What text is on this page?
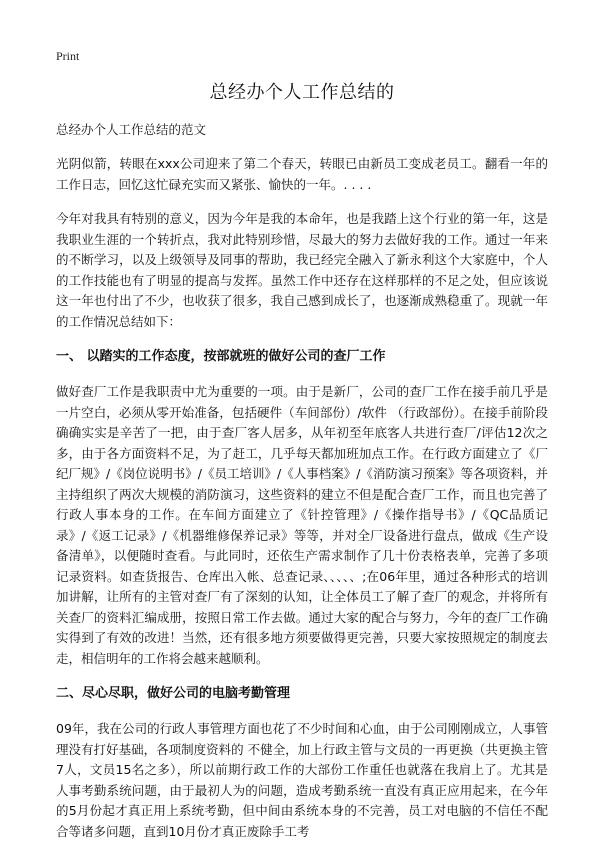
Print
总经办个人工作总结的
总经办个人工作总结的范文

光阴似箭，转眼在xxx公司迎来了第二个春天，转眼已由新员工变成老员工。翻看一年的工作日志，回忆这忙碌充实而又紧张、愉快的一年。. . . .

今年对我具有特别的意义，因为今年是我的本命年，也是我踏上这个行业的第一年，这是我职业生涯的一个转折点，我对此特别珍惜，尽最大的努力去做好我的工作。通过一年来的不断学习，以及上级领导及同事的帮助，我已经完全融入了新永利这个大家庭中，个人的工作技能也有了明显的提高与发挥。虽然工作中还存在这样那样的不足之处，但应该说这一年也付出了不少，也收获了很多，我自己感到成长了，也逐渐成熟稳重了。现就一年的工作情况总结如下：

一、 以踏实的工作态度，按部就班的做好公司的查厂工作

做好查厂工作是我职责中尤为重要的一项。由于是新厂，公司的查厂工作在接手前几乎是一片空白，必须从零开始准备，包括硬件（车间部份）/软件 （行政部份）。在接手前阶段确确实实是辛苦了一把，由于查厂客人居多，从年初至年底客人共进行查厂/评估12次之多，由于各方面资料不足，为了赶工，几乎每天都加班加点工作。在行政方面建立了《厂纪厂规》/《岗位说明书》/《员工培训》/《人事档案》/《消防演习预案》等各项资料，并主持组织了两次大规模的消防演习，这些资料的建立不但是配合查厂工作，而且也完善了行政人事本身的工作。在车间方面建立了《针控管理》/《操作指导书》/《QC品质记录》/《返工记录》/《机器维修保养记录》等等，并对全厂设备进行盘点，做成《生产设备清单》，以便随时查看。与此同时，还依生产需求制作了几十份表格表单，完善了多项记录资料。如查货报告、仓库出入帐、总查记录、、、、、;在06年里，通过各种形式的培训加讲解，让所有的主管对查厂有了深刻的认知，让全体员工了解了查厂的观念，并将所有关查厂的资料汇编成册，按照日常工作去做。通过大家的配合与努力，今年的查厂工作确实得到了有效的改进！当然，还有很多地方须要做得更完善，只要大家按照规定的制度去走，相信明年的工作将会越来越顺利。

二、尽心尽职，做好公司的电脑考勤管理

09年，我在公司的行政人事管理方面也花了不少时间和心血，由于公司刚刚成立，人事管理没有打好基础，各项制度资料的 不健全，加上行政主管与文员的一再更换（共更换主管7人，文员15名之多），所以前期行政工作的大部份工作重任也就落在我肩上了。尤其是人事考勤系统问题，由于最初人为的问题，造成考勤系统一直没有真正应用起来，在今年的5月份起才真正用上系统考勤，但中间由系统本身的不完善，员工对电脑的不信任不配合等诸多问题，直到10月份才真正废除手工考
